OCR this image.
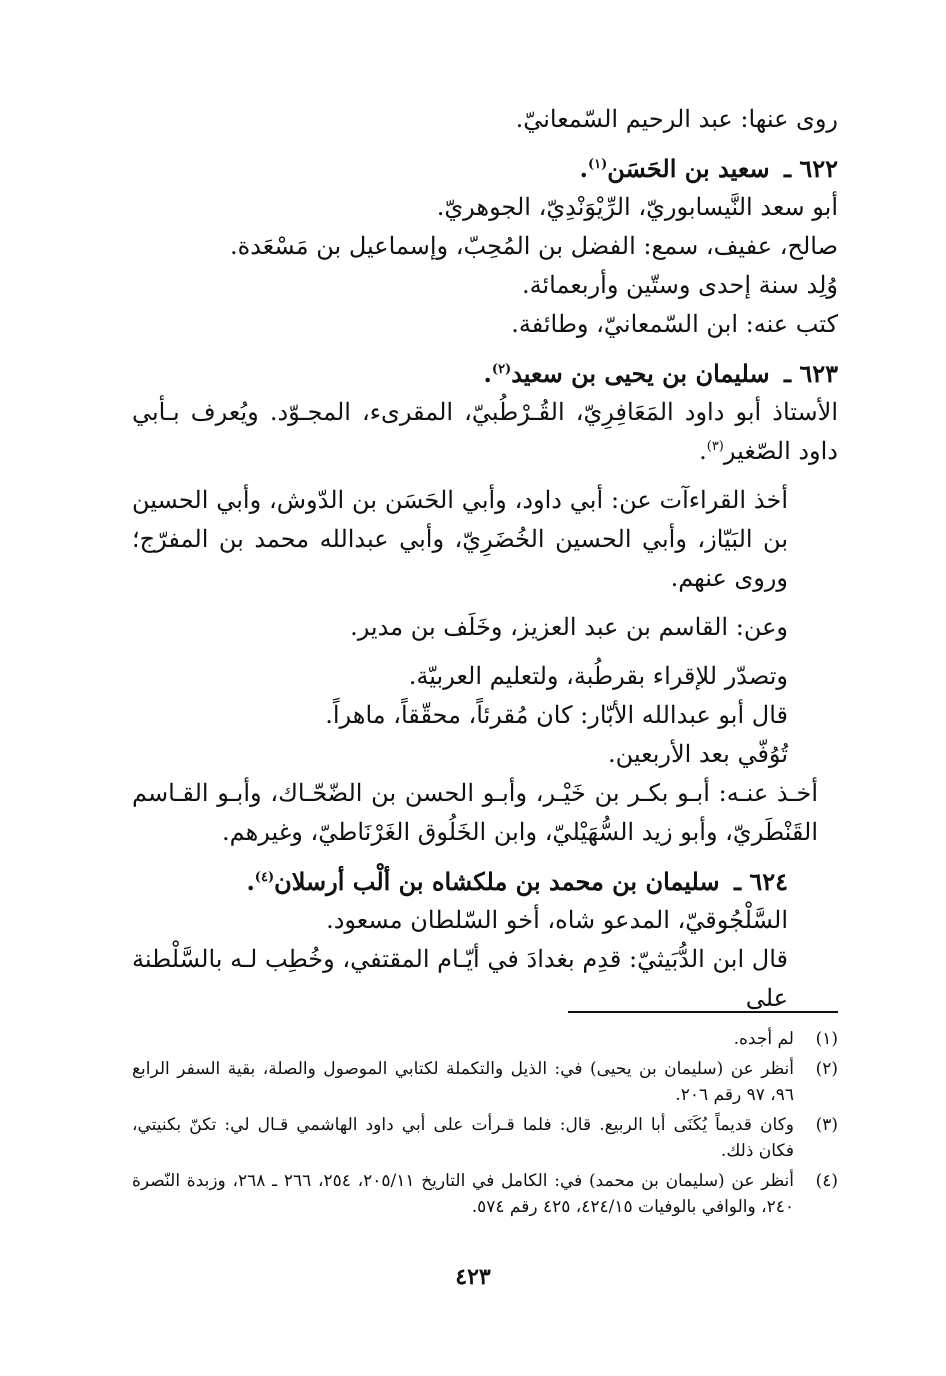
روى عنها: عبد الرحيم السّمعانيّ.

٦٢٢ ـ سعيد بن الحَسَن$^{(١)}$.

أبو سعد النَّيسابوريّ، الرِّيْوَنْدِيّ، الجوهريّ.

صالح، عفيف، سمع: الفضل بن المُحِبّ، وإسماعيل بن مَسْعَدة.

وُلِد سنة إحدى وستّين وأربعمائة.

كتب عنه: ابن السّمعانيّ، وطائفة.

٦٢٣ ـ سليمان بن يحيى بن سعيد$^{(٢)}$.

الأستاذ أبو داود المَعَافِرِيّ، القُـرْطُبيّ، المقرىء، المجـوّد. ويُعرف بـأبي داود الصّغير$^{(٣)}$.

أخذ القراءآت عن: أبي داود، وأبي الحَسَن بن الدّوش، وأبي الحسين بن البَيّاز، وأبي الحسين الخُضَرِيّ، وأبي عبدالله محمد بن المفرّج؛ وروى عنهم.

وعن: القاسم بن عبد العزيز، وخَلَف بن مدير.

وتصدّر للإقراء بقرطُبة، ولتعليم العربيّة.

قال أبو عبدالله الأبّار: كان مُقرئاً، محقّقاً، ماهراً.

تُوُفّي بعد الأربعين.

أخـذ عنـه: أبـو بكـر بن خَيْـر، وأبـو الحسن بن الضّحّـاك، وأبـو القـاسم القَنْطَريّ، وأبو زيد السُّهَيْليّ، وابن الخَلُوق الغَرْنَاطيّ، وغيرهم.

٦٢٤ ـ سليمان بن محمد بن ملكشاه بن ألْب أرسلان$^{(٤)}$.

السَّلْجُوقيّ، المدعو شاه، أخو السّلطان مسعود.

قال ابن الدُّبَيثيّ: قدِم بغدادَ في أيّـام المقتفي، وخُطِب لـه بالسَّلْطنة على

(١)
لم أجده.
(٢)
أنظر عن (سليمان بن يحيى) في: الذيل والتكملة لكتابي الموصول والصلة، بقية السفر الرابع ٩٦، ٩٧ رقم ٢٠٦.
(٣)
وكان قديماً يُكَنَى أبا الربيع. قال: فلما قـرأت على أبي داود الهاشمي قـال لي: تكنّ بكنيتي، فكان ذلك.
(٤)
أنظر عن (سليمان بن محمد) في: الكامل في التاريخ ٢٠٥/١١، ٢٥٤، ٢٦٦ ـ ٢٦٨، وزبدة النّصرة ٢٤٠، والوافي بالوفيات ٤٢٤/١٥، ٤٢٥ رقم ٥٧٤.
٤٢٣
